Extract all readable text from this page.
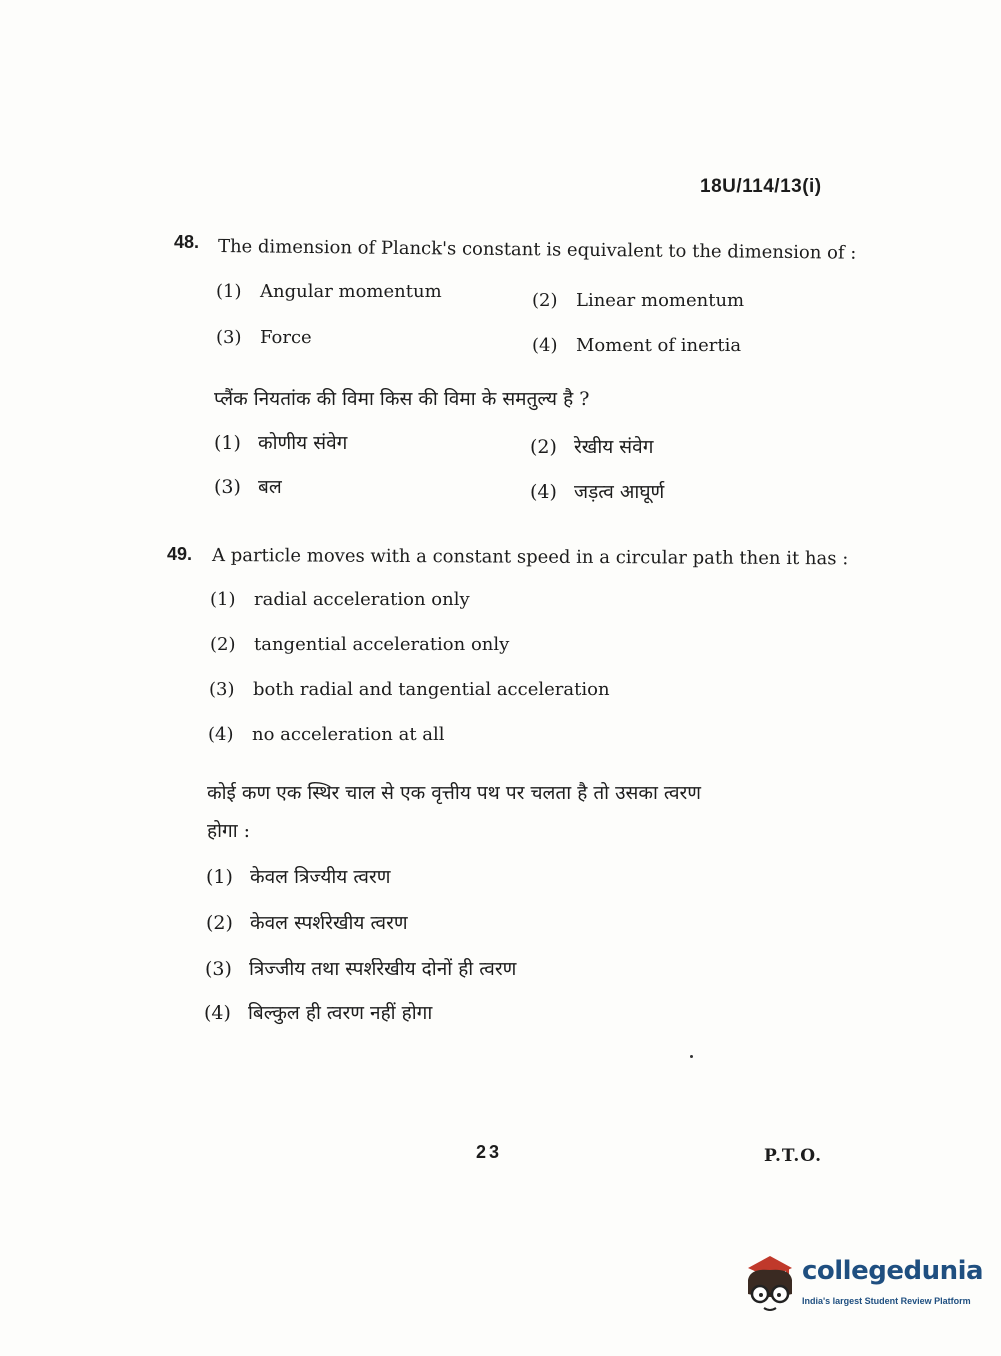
18U/114/13(i)
48. The dimension of Planck's constant is equivalent to the dimension of :
(1) Angular momentum	(2) Linear momentum
(3) Force	(4) Moment of inertia
प्लैंक नियतांक की विमा किस की विमा के समतुल्य है ?
(1) कोणीय संवेग	(2) रेखीय संवेग
(3) बल	(4) जड़त्व आघूर्ण
49. A particle moves with a constant speed in a circular path then it has :
(1) radial acceleration only
(2) tangential acceleration only
(3) both radial and tangential acceleration
(4) no acceleration at all
कोई कण एक स्थिर चाल से एक वृत्तीय पथ पर चलता है तो उसका त्वरण
होगा :
(1) केवल त्रिज्यीय त्वरण
(2) केवल स्पर्शरेखीय त्वरण
(3) त्रिज्जीय तथा स्पर्शरेखीय दोनों ही त्वरण
(4) बिल्कुल ही त्वरण नहीं होगा
23	P.T.O.
collegedunia
India's largest Student Review Platform
